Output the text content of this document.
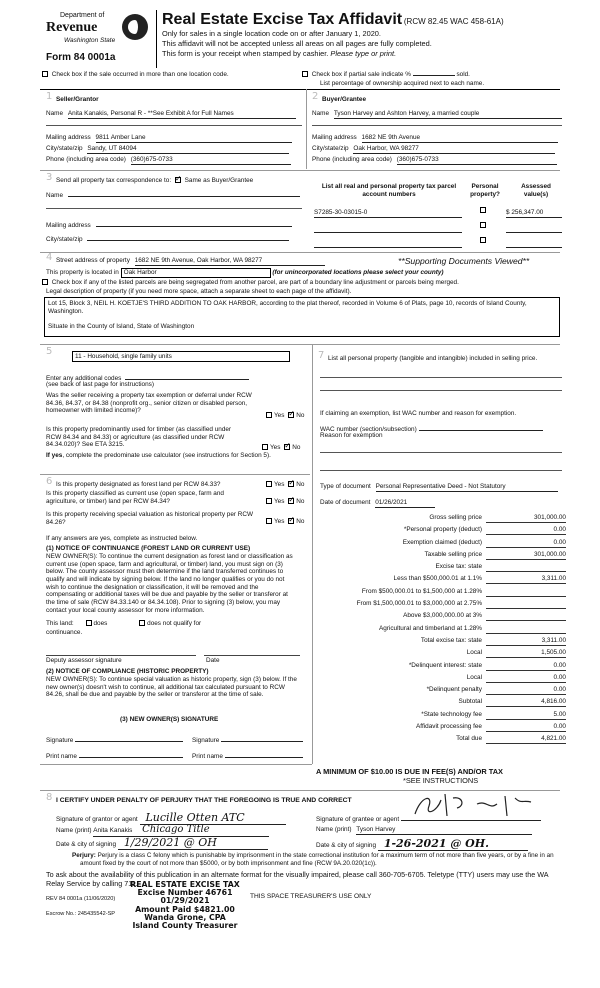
Department of
Revenue
Washington State
Form 84 0001a
Real Estate Excise Tax Affidavit (RCW 82.45 WAC 458-61A)
Only for sales in a single location code on or after January 1, 2020.
This affidavit will not be accepted unless all areas on all pages are fully completed.
This form is your receipt when stamped by cashier. Please type or print.
Check box if the sale occurred in more than one location code.	Check box if partial sale indicate %	sold.
List percentage of ownership acquired next to each name.
1 Seller/Grantor
Name Anita Kanakis, Personal R - **See Exhibit A for Full Names
Mailing address 9811 Amber Lane
City/state/zip Sandy, UT 84094
Phone (including area code) (360)675-0733
2 Buyer/Grantee
Name Tyson Harvey and Ashton Harvey, a married couple
Mailing address 1682 NE 9th Avenue
City/state/zip Oak Harbor, WA 98277
Phone (including area code) (360)675-0733
3 Send all property tax correspondence to: ✓ Same as Buyer/Grantee
Name
Mailing address
City/state/zip
List all real and personal property tax parcel account numbers
Personal property?
Assessed value(s)
S7285-30-03015-0	$ 256,347.00
4 Street address of property 1682 NE 9th Avenue, Oak Harbor, WA 98277	**Supporting Documents Viewed**
This property is located in Oak Harbor	(for unincorporated locations please select your county)
Check box if any of the listed parcels are being segregated from another parcel, are part of a boundary line adjustment or parcels being merged.
Legal description of property (if you need more space, attach a separate sheet to each page of the affidavit).
Lot 15, Block 3, NEIL H. KOETJE'S THIRD ADDITION TO OAK HARBOR, according to the plat thereof, recorded in Volume 6 of Plats, page 10, records of Island County, Washington.
Situate in the County of Island, State of Washington
5	11 - Household, single family units
Enter any additional codes
(see back of last page for instructions)
Was the seller receiving a property tax exemption or deferral under RCW 84.36, 84.37, or 84.38 (nonprofit org., senior citizen or disabled person, homeowner with limited income)?
Yes ✓ No
Is this property predominantly used for timber (as classified under RCW 84.34 and 84.33) or agriculture (as classified under RCW 84.34.020)? See ETA 3215.	Yes ✓ No
If yes, complete the predominate use calculator (see instructions for Section 5).
6 Is this property designated as forest land per RCW 84.33?	Yes ✓ No
Is this property classified as current use (open space, farm and agriculture, or timber) land per RCW 84.34?	Yes ✓ No
Is this property receiving special valuation as historical property per RCW 84.26?	Yes ✓ No
If any answers are yes, complete as instructed below.
(1) NOTICE OF CONTINUANCE (FOREST LAND OR CURRENT USE)
NEW OWNER(S): To continue the current designation as forest land or classification as current use (open space, farm and agricultural, or timber) land, you must sign on (3) below. The county assessor must then determine if the land transferred continues to qualify and will indicate by signing below. If the land no longer qualifies or you do not wish to continue the designation or classification, it will be removed and the compensating or additional taxes will be due and payable by the seller or transferor at the time of sale (RCW 84.33.140 or 84.34.108). Prior to signing (3) below, you may contact your local county assessor for more information.
This land:	does	does not qualify for
continuance.
Deputy assessor signature	Date
(2) NOTICE OF COMPLIANCE (HISTORIC PROPERTY)
NEW OWNER(S): To continue special valuation as historic property, sign (3) below. If the new owner(s) doesn't wish to continue, all additional tax calculated pursuant to RCW 84.26, shall be due and payable by the seller or transferor at the time of sale.
(3) NEW OWNER(S) SIGNATURE
Signature	Signature
Print name	Print name
7 List all personal property (tangible and intangible) included in selling price.
If claiming an exemption, list WAC number and reason for exemption.
WAC number (section/subsection)
Reason for exemption
Type of document Personal Representative Deed - Not Statutory
Date of document 01/26/2021
Gross selling price	301,000.00
*Personal property (deduct)	0.00
Exemption claimed (deduct)	0.00
Taxable selling price	301,000.00
Excise tax: state
Less than $500,000.01 at 1.1%	3,311.00
From $500,000.01 to $1,500,000 at 1.28%
From $1,500,000.01 to $3,000,000 at 2.75%
Above $3,000,000.00 at 3%
Agricultural and timberland at 1.28%
Total excise tax: state	3,311.00
Local	1,505.00
*Delinquent interest: state	0.00
Local	0.00
*Delinquent penalty	0.00
Subtotal	4,816.00
*State technology fee	5.00
Affidavit processing fee	0.00
Total due	4,821.00
A MINIMUM OF $10.00 IS DUE IN FEE(S) AND/OR TAX
*SEE INSTRUCTIONS
8 I CERTIFY UNDER PENALTY OF PERJURY THAT THE FOREGOING IS TRUE AND CORRECT
Signature of grantor or agent Lucille Otten ATC
Name (print) Anita Kanakis Chicago Title
Date & city of signing 1/29/2021 @ OH
Signature of grantee or agent
Name (print) Tyson Harvey
Date & city of signing 1-26-2021 @ OH.
Perjury: Perjury is a class C felony which is punishable by imprisonment in the state correctional institution for a maximum term of not more than five years, or by a fine in an amount fixed by the court of not more than $5000, or by both imprisonment and fine (RCW 9A.20.020(1c)).
To ask about the availability of this publication in an alternate format for the visually impaired, please call 360-705-6705. Teletype (TTY) users may use the WA Relay Service by calling 711.
REV 84 0001a (11/06/2020)
Escrow No.: 245435542-SP
THIS SPACE TREASURER'S USE ONLY
REAL ESTATE EXCISE TAX
Excise Number 46761
01/29/2021
Amount Paid $4821.00
Wanda Grone, CPA
Island County Treasurer
